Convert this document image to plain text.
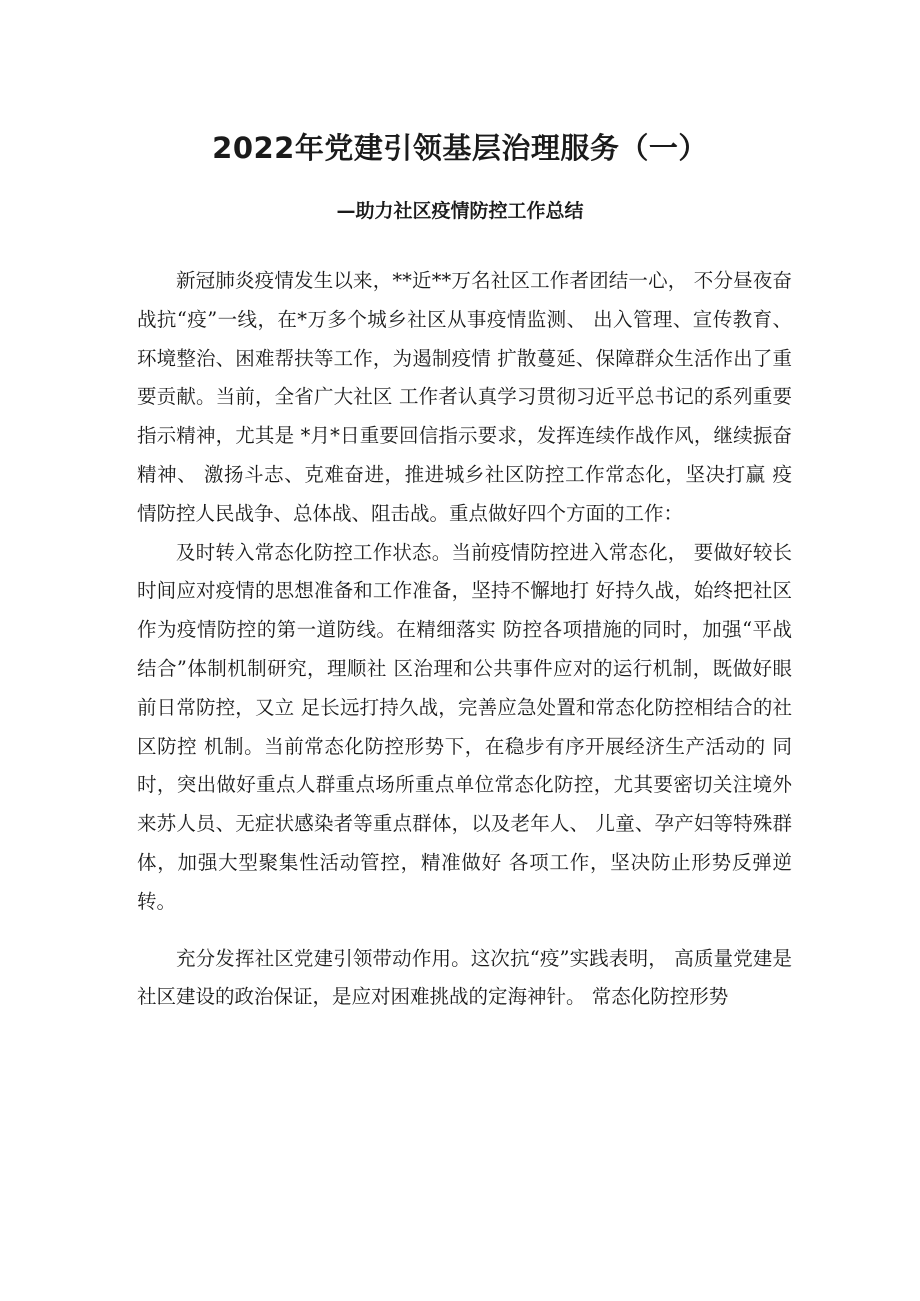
2022年党建引领基层治理服务（一）
—助力社区疫情防控工作总结

新冠肺炎疫情发生以来，**近**万名社区工作者团结一心， 不分昼夜奋战抗“疫”一线，在*万多个城乡社区从事疫情监测、 出入管理、宣传教育、环境整治、困难帮扶等工作，为遏制疫情 扩散蔓延、保障群众生活作出了重要贡献。当前，全省广大社区 工作者认真学习贯彻习近平总书记的系列重要指示精神，尤其是 *月*日重要回信指示要求，发挥连续作战作风，继续振奋精神、 激扬斗志、克难奋进，推进城乡社区防控工作常态化，坚决打赢 疫情防控人民战争、总体战、阻击战。重点做好四个方面的工作：

及时转入常态化防控工作状态。当前疫情防控进入常态化， 要做好较长时间应对疫情的思想准备和工作准备，坚持不懈地打 好持久战，始终把社区作为疫情防控的第一道防线。在精细落实 防控各项措施的同时，加强“平战结合”体制机制研究，理顺社 区治理和公共事件应对的运行机制，既做好眼前日常防控，又立 足长远打持久战，完善应急处置和常态化防控相结合的社区防控 机制。当前常态化防控形势下，在稳步有序开展经济生产活动的 同时，突出做好重点人群重点场所重点单位常态化防控，尤其要密切关注境外来苏人员、无症状感染者等重点群体，以及老年人、 儿童、孕产妇等特殊群体，加强大型聚集性活动管控，精准做好 各项工作，坚决防止形势反弹逆转。

充分发挥社区党建引领带动作用。这次抗“疫”实践表明， 高质量党建是社区建设的政治保证，是应对困难挑战的定海神针。 常态化防控形势
